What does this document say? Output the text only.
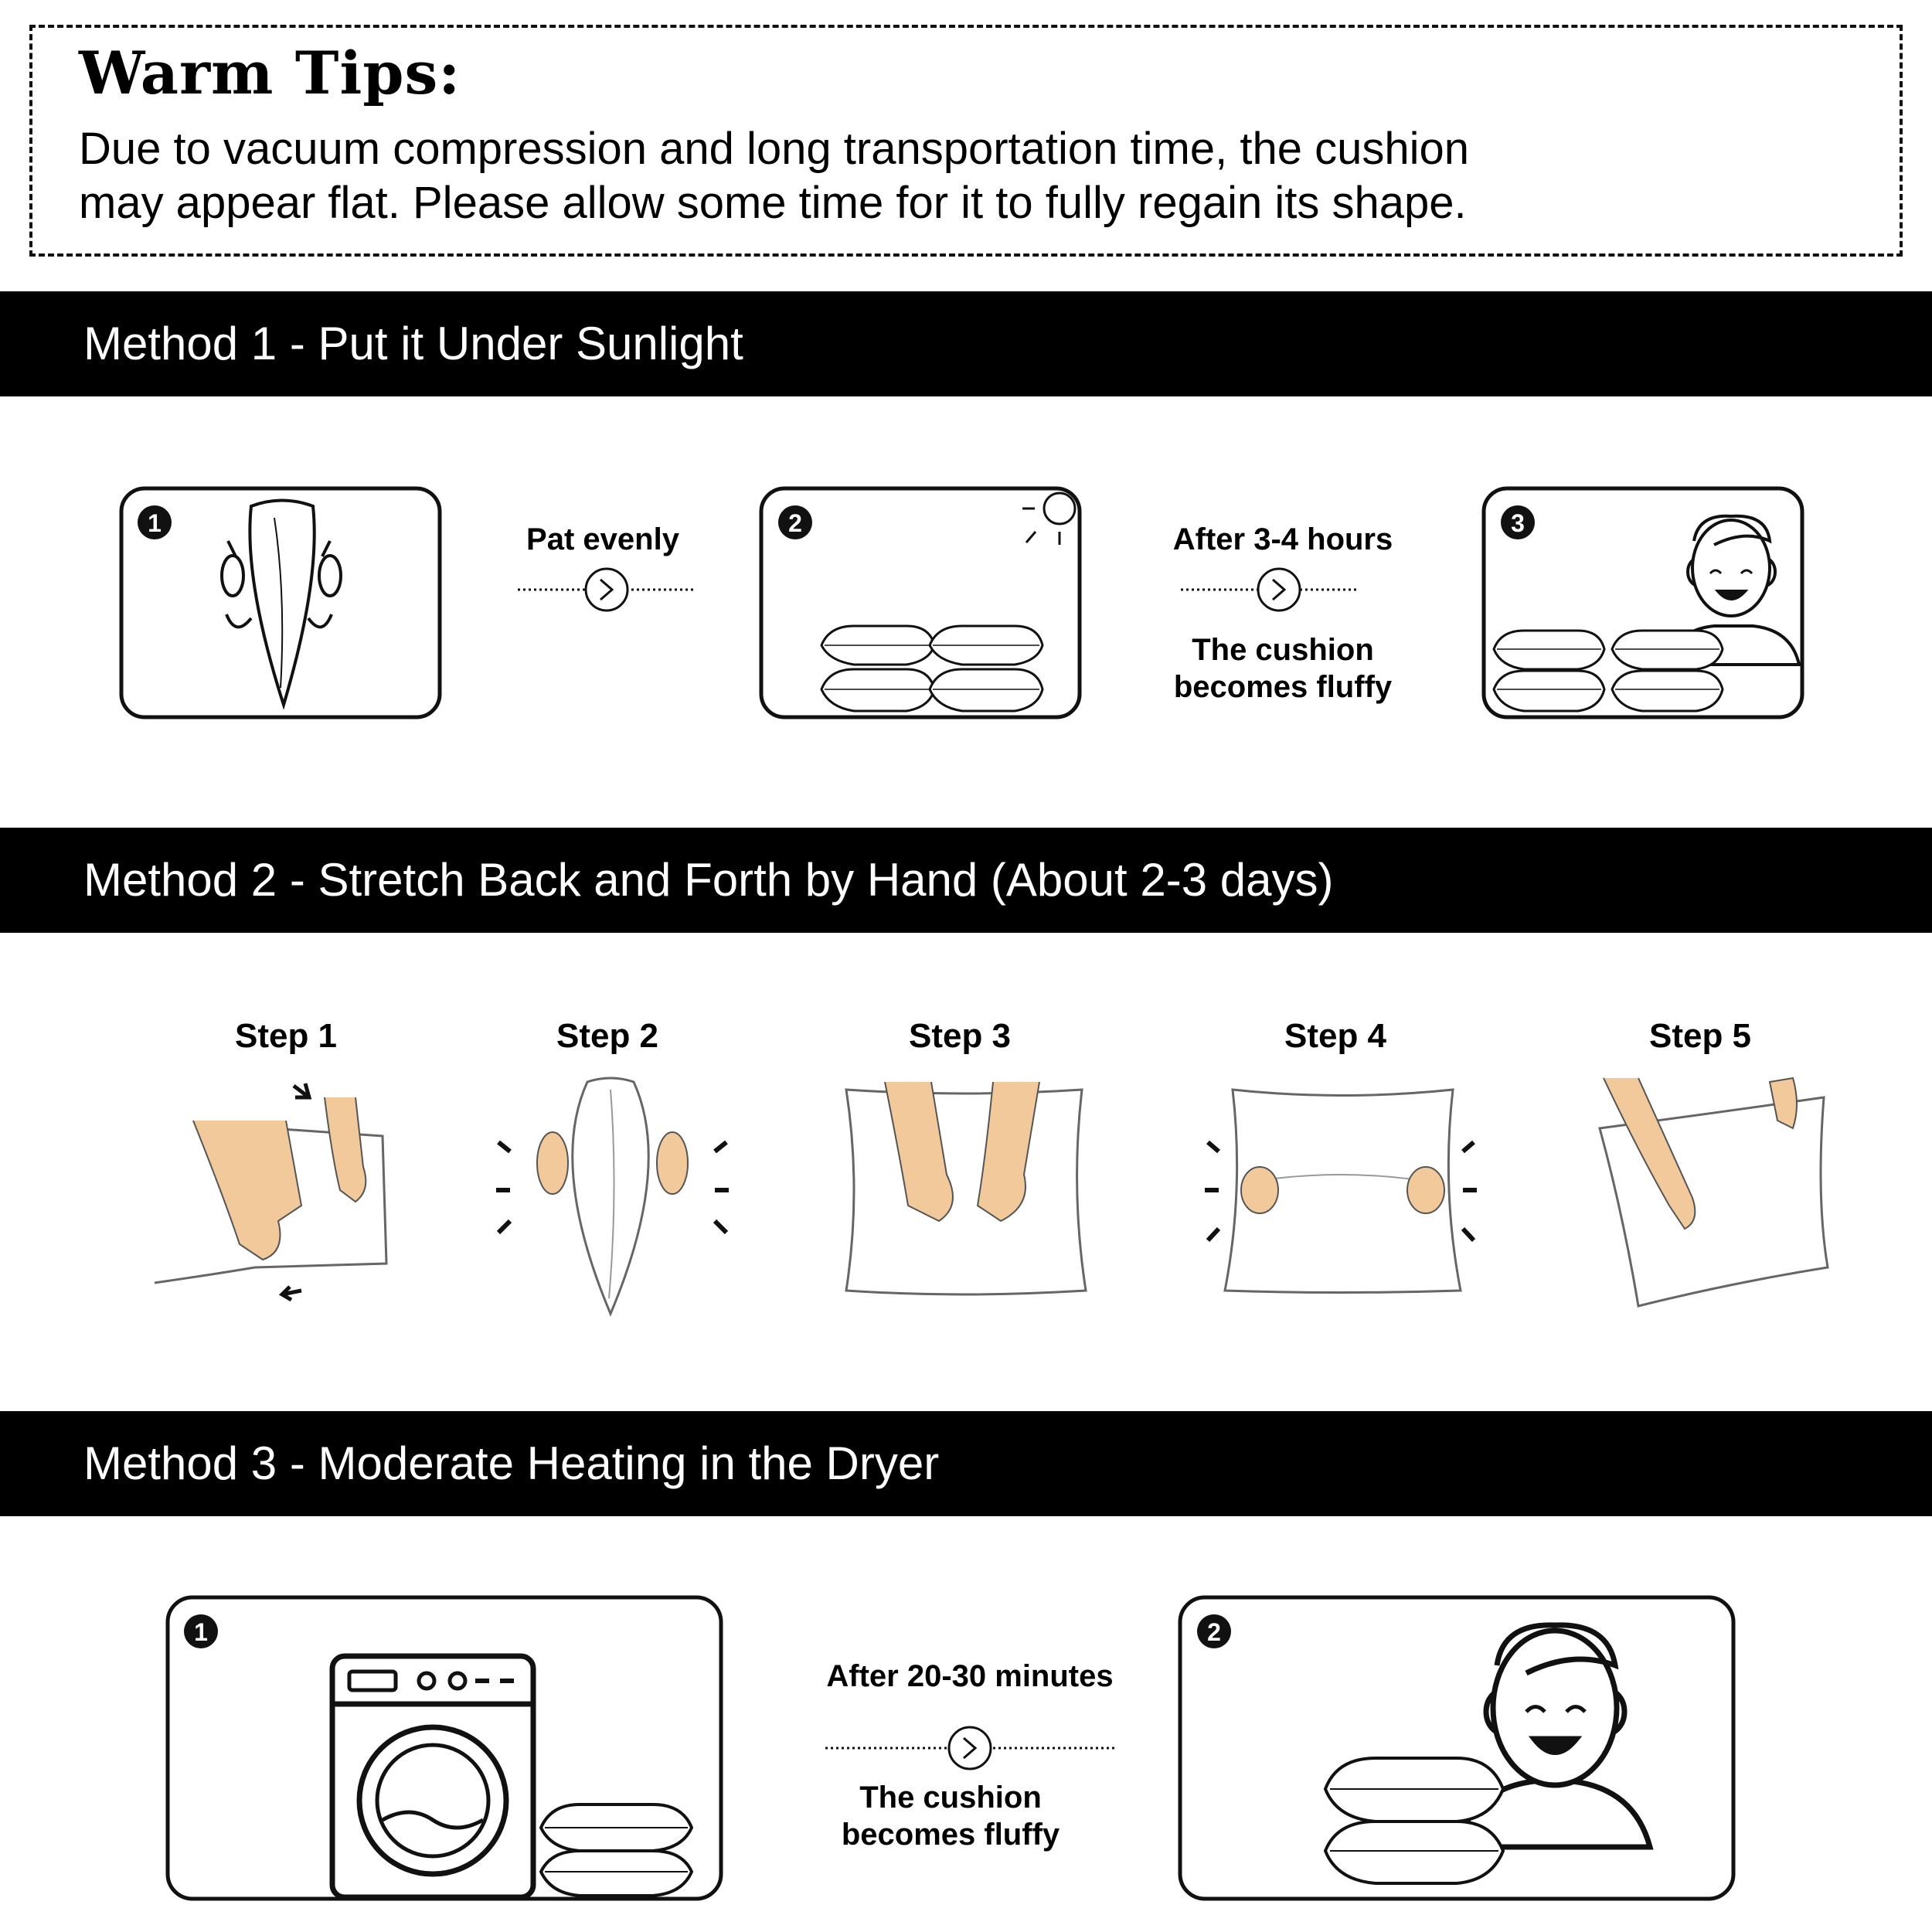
Warm Tips:
Due to vacuum compression and long transportation time, the cushion
may appear flat. Please allow some time for it to fully regain its shape.
Method 1 - Put it Under Sunlight
1	Pat evenly	2	After 3-4 hours
The cushion
becomes fluffy
3
Method 2 - Stretch Back and Forth by Hand (About 2-3 days)
Step 1	Step 2	Step 3	Step 4	Step 5
Method 3 - Moderate Heating in the Dryer
1
After 20-30 minutes
The cushion
becomes fluffy
2
